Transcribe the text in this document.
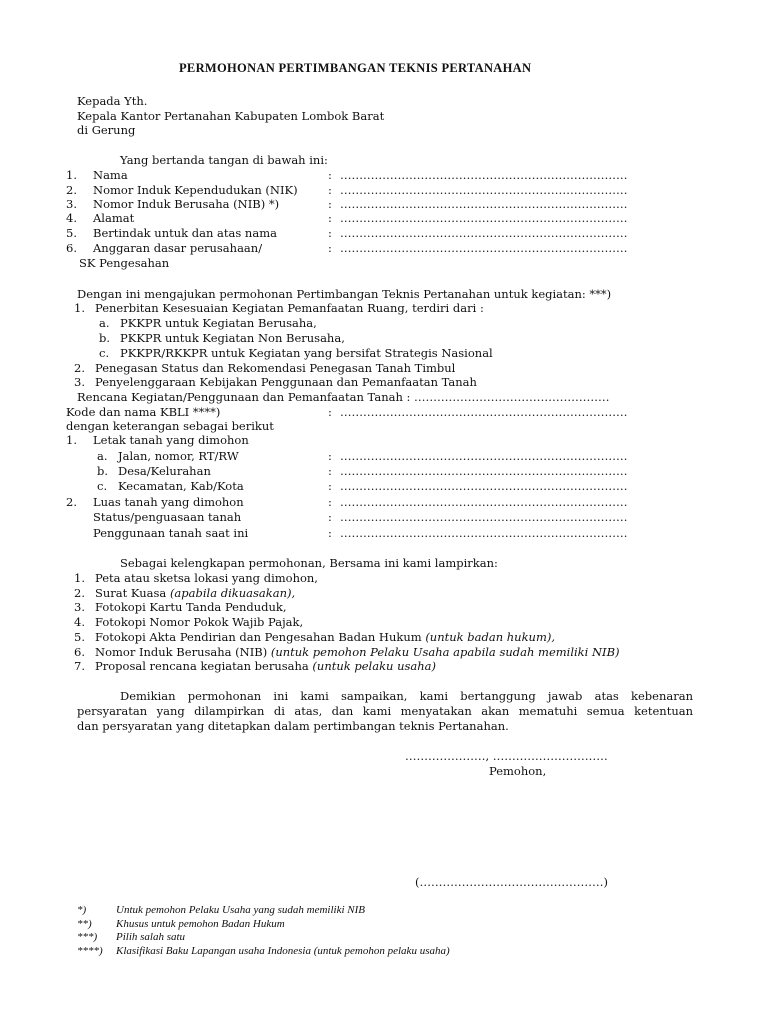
PERMOHONAN PERTIMBANGAN TEKNIS PERTANAHAN
Kepada Yth.
Kepala Kantor Pertanahan Kabupaten Lombok Barat
di Gerung
Yang bertanda tangan di bawah ini:
1. Nama	: …………………………………………………………………
2. Nomor Induk Kependudukan (NIK)	: …………………………………………………………………
3. Nomor Induk Berusaha (NIB) *)	: …………………………………………………………………
4. Alamat	: …………………………………………………………………
5. Bertindak untuk dan atas nama	: …………………………………………………………………
6. Anggaran dasar perusahaan/	: …………………………………………………………………
SK Pengesahan
Dengan ini mengajukan permohonan Pertimbangan Teknis Pertanahan untuk kegiatan: ***)
1. Penerbitan Kesesuaian Kegiatan Pemanfaatan Ruang, terdiri dari :
a. PKKPR untuk Kegiatan Berusaha,
b. PKKPR untuk Kegiatan Non Berusaha,
c. PKKPR/RKKPR untuk Kegiatan yang bersifat Strategis Nasional
2. Penegasan Status dan Rekomendasi Penegasan Tanah Timbul
3. Penyelenggaraan Kebijakan Penggunaan dan Pemanfaatan Tanah
Rencana Kegiatan/Penggunaan dan Pemanfaatan Tanah : ……………………………………………
Kode dan nama KBLI ****)	: …………………………………………………………………
dengan keterangan sebagai berikut
1. Letak tanah yang dimohon
a. Jalan, nomor, RT/RW	: …………………………………………………………………
b. Desa/Kelurahan	: …………………………………………………………………
c. Kecamatan, Kab/Kota	: …………………………………………………………………
2. Luas tanah yang dimohon	: …………………………………………………………………
Status/penguasaan tanah	: …………………………………………………………………
Penggunaan tanah saat ini	: …………………………………………………………………
Sebagai kelengkapan permohonan, Bersama ini kami lampirkan:
1. Peta atau sketsa lokasi yang dimohon,
2. Surat Kuasa (apabila dikuasakan),
3. Fotokopi Kartu Tanda Penduduk,
4. Fotokopi Nomor Pokok Wajib Pajak,
5. Fotokopi Akta Pendirian dan Pengesahan Badan Hukum (untuk badan hukum),
6. Nomor Induk Berusaha (NIB) (untuk pemohon Pelaku Usaha apabila sudah memiliki NIB)
7. Proposal rencana kegiatan berusaha (untuk pelaku usaha)
Demikian permohonan ini kami sampaikan, kami bertanggung jawab atas kebenaran
persyaratan yang dilampirkan di atas, dan kami menyatakan akan mematuhi semua ketentuan
dan persyaratan yang ditetapkan dalam pertimbangan teknis Pertanahan.
…………………, …………………………
Pemohon,
(…………………………………………)
*)	Untuk pemohon Pelaku Usaha yang sudah memiliki NIB
**) Khusus untuk pemohon Badan Hukum
***) Pilih salah satu
****) Klasifikasi Baku Lapangan usaha Indonesia (untuk pemohon pelaku usaha)
